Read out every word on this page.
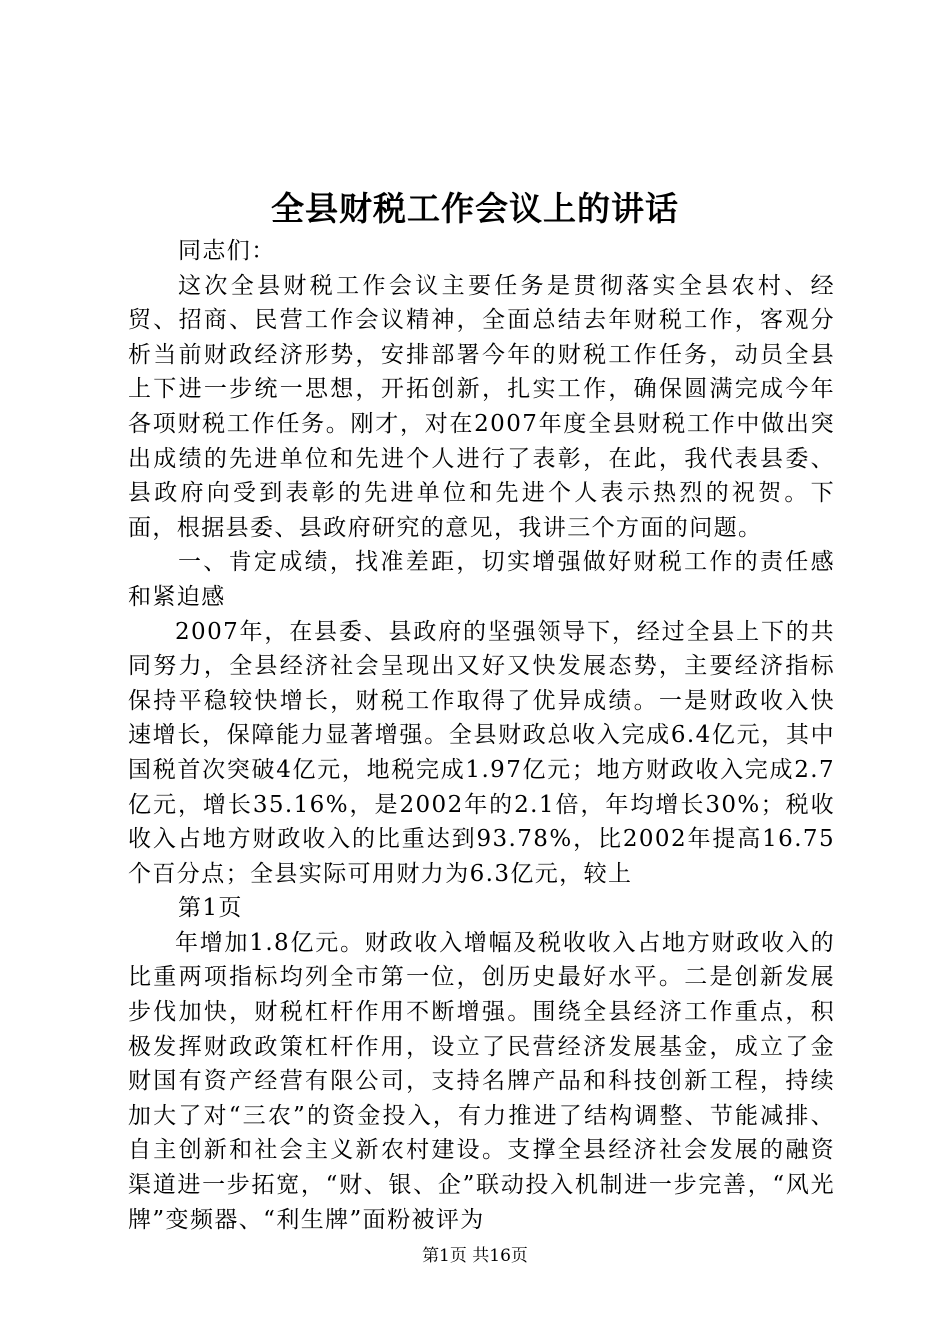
全县财税工作会议上的讲话

同志们：

这次全县财税工作会议主要任务是贯彻落实全县农村、经贸、招商、民营工作会议精神，全面总结去年财税工作，客观分析当前财政经济形势，安排部署今年的财税工作任务，动员全县上下进一步统一思想，开拓创新，扎实工作，确保圆满完成今年各项财税工作任务。刚才，对在2007年度全县财税工作中做出突出成绩的先进单位和先进个人进行了表彰，在此，我代表县委、县政府向受到表彰的先进单位和先进个人表示热烈的祝贺。下面，根据县委、县政府研究的意见，我讲三个方面的问题。

一、肯定成绩，找准差距，切实增强做好财税工作的责任感和紧迫感

2007年，在县委、县政府的坚强领导下，经过全县上下的共同努力，全县经济社会呈现出又好又快发展态势，主要经济指标保持平稳较快增长，财税工作取得了优异成绩。一是财政收入快速增长，保障能力显著增强。全县财政总收入完成6.4亿元，其中国税首次突破4亿元，地税完成1.97亿元；地方财政收入完成2.7亿元，增长35.16%，是2002年的2.1倍，年均增长30%；税收收入占地方财政收入的比重达到93.78%，比2002年提高16.75个百分点；全县实际可用财力为6.3亿元，较上

第1页

年增加1.8亿元。财政收入增幅及税收收入占地方财政收入的比重两项指标均列全市第一位，创历史最好水平。二是创新发展步伐加快，财税杠杆作用不断增强。围绕全县经济工作重点，积极发挥财政政策杠杆作用，设立了民营经济发展基金，成立了金财国有资产经营有限公司，支持名牌产品和科技创新工程，持续加大了对“三农”的资金投入，有力推进了结构调整、节能减排、自主创新和社会主义新农村建设。支撑全县经济社会发展的融资渠道进一步拓宽，“财、银、企”联动投入机制进一步完善，“风光牌”变频器、“利生牌”面粉被评为

第1页 共16页
